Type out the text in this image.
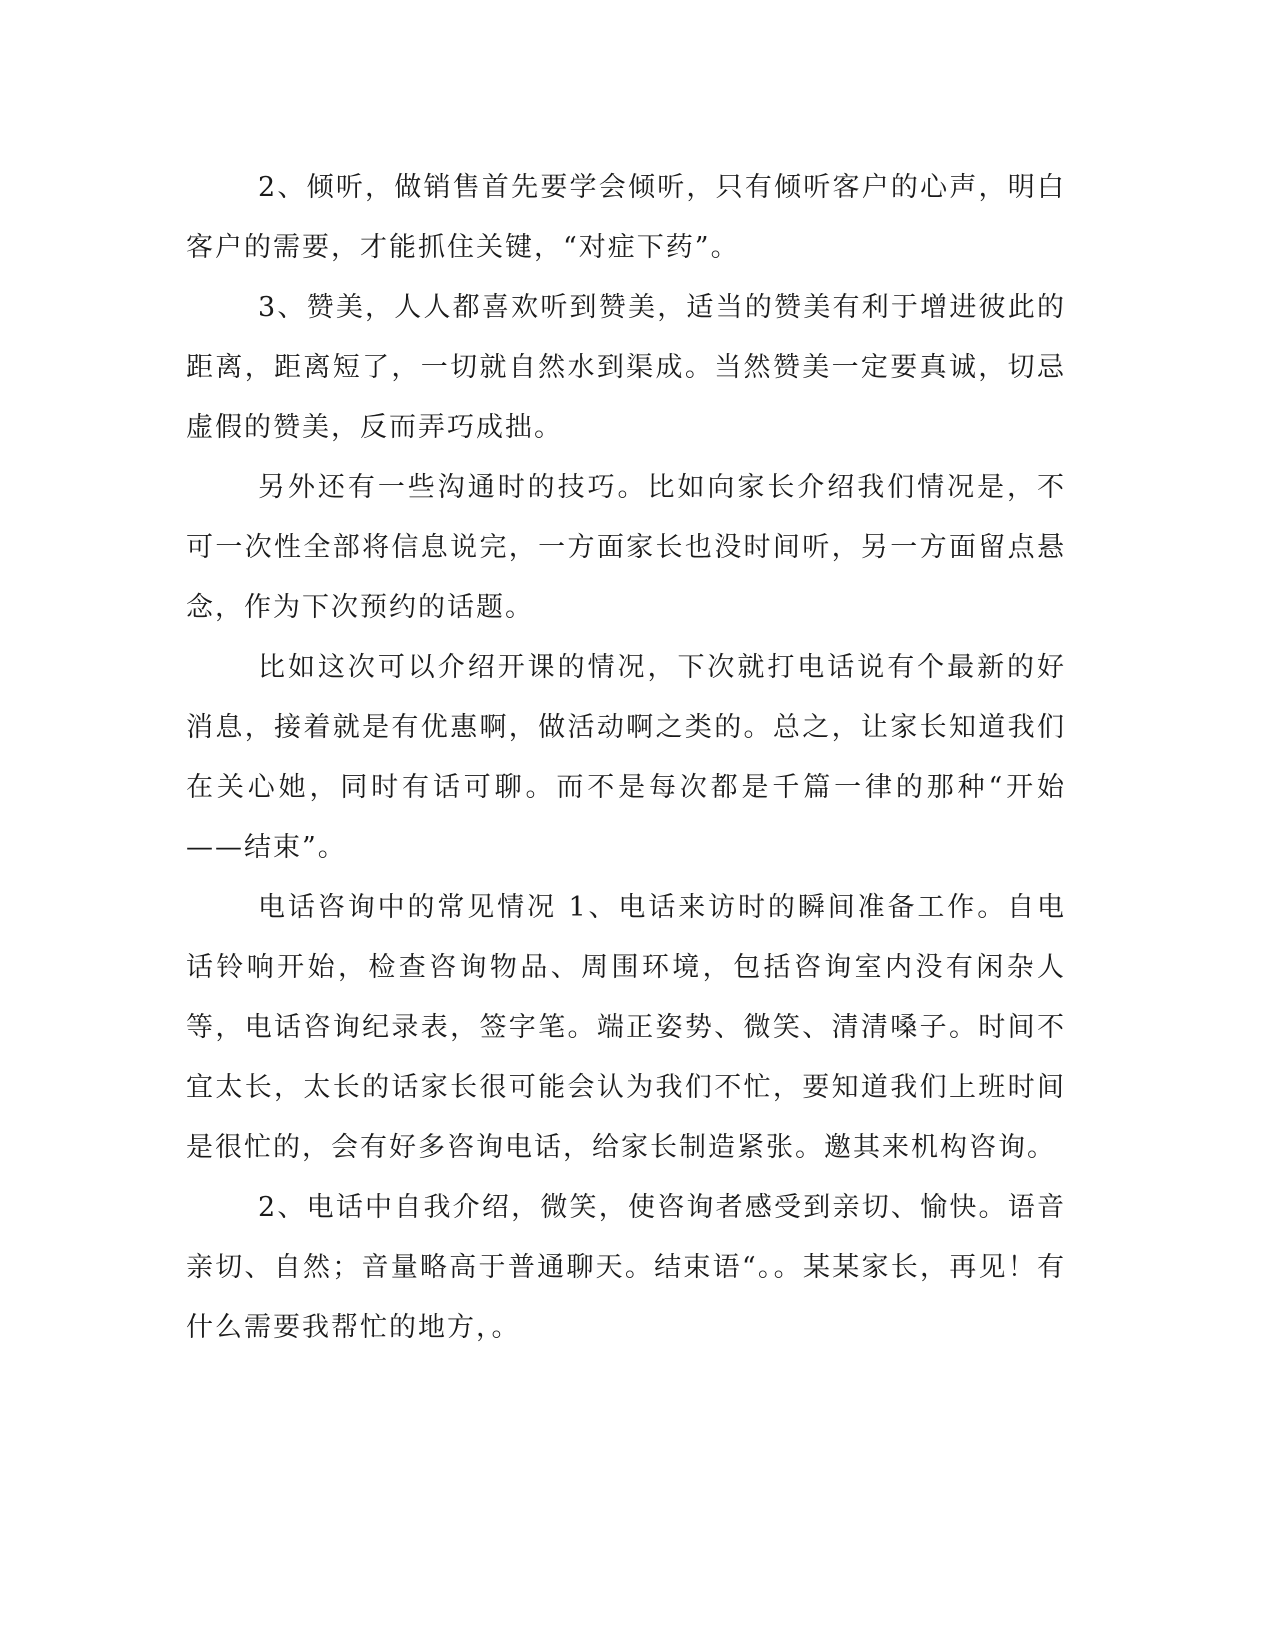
2、倾听，做销售首先要学会倾听，只有倾听客户的心声，明白客户的需要，才能抓住关键，“对症下药”。

3、赞美，人人都喜欢听到赞美，适当的赞美有利于增进彼此的距离，距离短了，一切就自然水到渠成。当然赞美一定要真诚，切忌虚假的赞美，反而弄巧成拙。

另外还有一些沟通时的技巧。比如向家长介绍我们情况是，不可一次性全部将信息说完，一方面家长也没时间听，另一方面留点悬念，作为下次预约的话题。

比如这次可以介绍开课的情况，下次就打电话说有个最新的好消息，接着就是有优惠啊，做活动啊之类的。总之，让家长知道我们在关心她，同时有话可聊。而不是每次都是千篇一律的那种“开始——结束”。

电话咨询中的常见情况 1、电话来访时的瞬间准备工作。自电话铃响开始，检查咨询物品、周围环境，包括咨询室内没有闲杂人等，电话咨询纪录表，签字笔。端正姿势、微笑、清清嗓子。时间不宜太长，太长的话家长很可能会认为我们不忙，要知道我们上班时间是很忙的，会有好多咨询电话，给家长制造紧张。邀其来机构咨询。

2、电话中自我介绍，微笑，使咨询者感受到亲切、愉快。语音亲切、自然；音量略高于普通聊天。结束语“。。某某家长，再见！有什么需要我帮忙的地方，。
